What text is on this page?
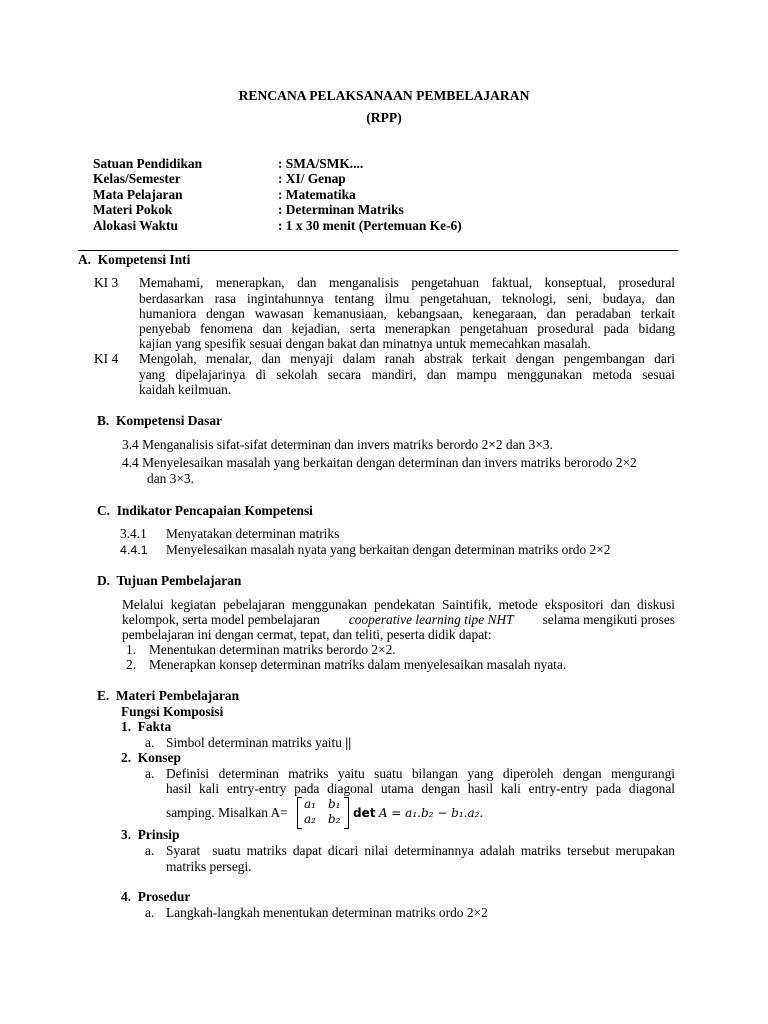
RENCANA PELAKSANAAN PEMBELAJARAN
(RPP)
Satuan Pendidikan	: SMA/SMK....
Kelas/Semester	: XI/ Genap
Mata Pelajaran	: Matematika
Materi Pokok	: Determinan Matriks
Alokasi Waktu	: 1 x 30 menit (Pertemuan Ke-6)
A.  Kompetensi Inti
KI 3 Memahami, menerapkan, dan menganalisis pengetahuan faktual, konseptual, prosedural
berdasarkan rasa ingintahunnya tentang ilmu pengetahuan, teknologi, seni, budaya, dan
humaniora dengan wawasan kemanusiaan, kebangsaan, kenegaraan, dan peradaban terkait
penyebab fenomena dan kejadian, serta menerapkan pengetahuan prosedural pada bidang
kajian yang spesifik sesuai dengan bakat dan minatnya untuk memecahkan masalah.
KI 4 Mengolah, menalar, dan menyaji dalam ranah abstrak terkait dengan pengembangan dari
yang dipelajarinya di sekolah secara mandiri, dan mampu menggunakan metoda sesuai
kaidah keilmuan.
B.  Kompetensi Dasar
3.4 Menganalisis sifat-sifat determinan dan invers matriks berordo 2×2 dan 3×3.
4.4 Menyelesaikan masalah yang berkaitan dengan determinan dan invers matriks berorodo 2×2
dan 3×3.
C.  Indikator Pencapaian Kompetensi
3.4.1 Menyatakan determinan matriks
4.4.1 Menyelesaikan masalah nyata yang berkaitan dengan determinan matriks ordo 2×2
D.  Tujuan Pembelajaran
Melalui kegiatan pebelajaran menggunakan pendekatan Saintifik, metode ekspositori dan diskusi
kelompok, serta model pembelajaran cooperative learning tipe NHT selama mengikuti proses
pembelajaran ini dengan cermat, tepat, dan teliti, peserta didik dapat:
1. Menentukan determinan matriks berordo 2×2.
2. Menerapkan konsep determinan matriks dalam menyelesaikan masalah nyata.
E.  Materi Pembelajaran
Fungsi Komposisi
1.  Fakta
a. Simbol determinan matriks yaitu ||
2.  Konsep
a. Definisi determinan matriks yaitu suatu bilangan yang diperoleh dengan mengurangi
hasil kali entry-entry pada diagonal utama dengan hasil kali entry-entry pada diagonal
samping. Misalkan A=
a₁ b₁
a₂ b₂ det A = a₁.b₂ − b₁.a₂.
3.  Prinsip
a. Syarat  suatu matriks dapat dicari nilai determinannya adalah matriks tersebut merupakan
matriks persegi.
4.  Prosedur
a. Langkah-langkah menentukan determinan matriks ordo 2×2
